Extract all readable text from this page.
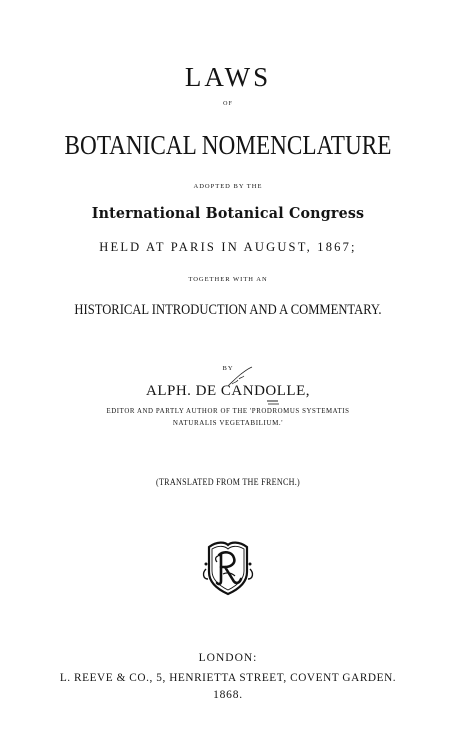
LAWS
OF
BOTANICAL NOMENCLATURE
ADOPTED BY THE
International Botanical Congress
HELD AT PARIS IN AUGUST, 1867;
TOGETHER WITH AN
HISTORICAL INTRODUCTION AND A COMMENTARY.
BY
ALPH. DE CANDOLLE,
EDITOR AND PARTLY AUTHOR OF THE 'PRODROMUS SYSTEMATIS
NATURALIS VEGETABILIUM.'
(TRANSLATED FROM THE FRENCH.)
LONDON:
L. REEVE & CO., 5, HENRIETTA STREET, COVENT GARDEN.
1868.
